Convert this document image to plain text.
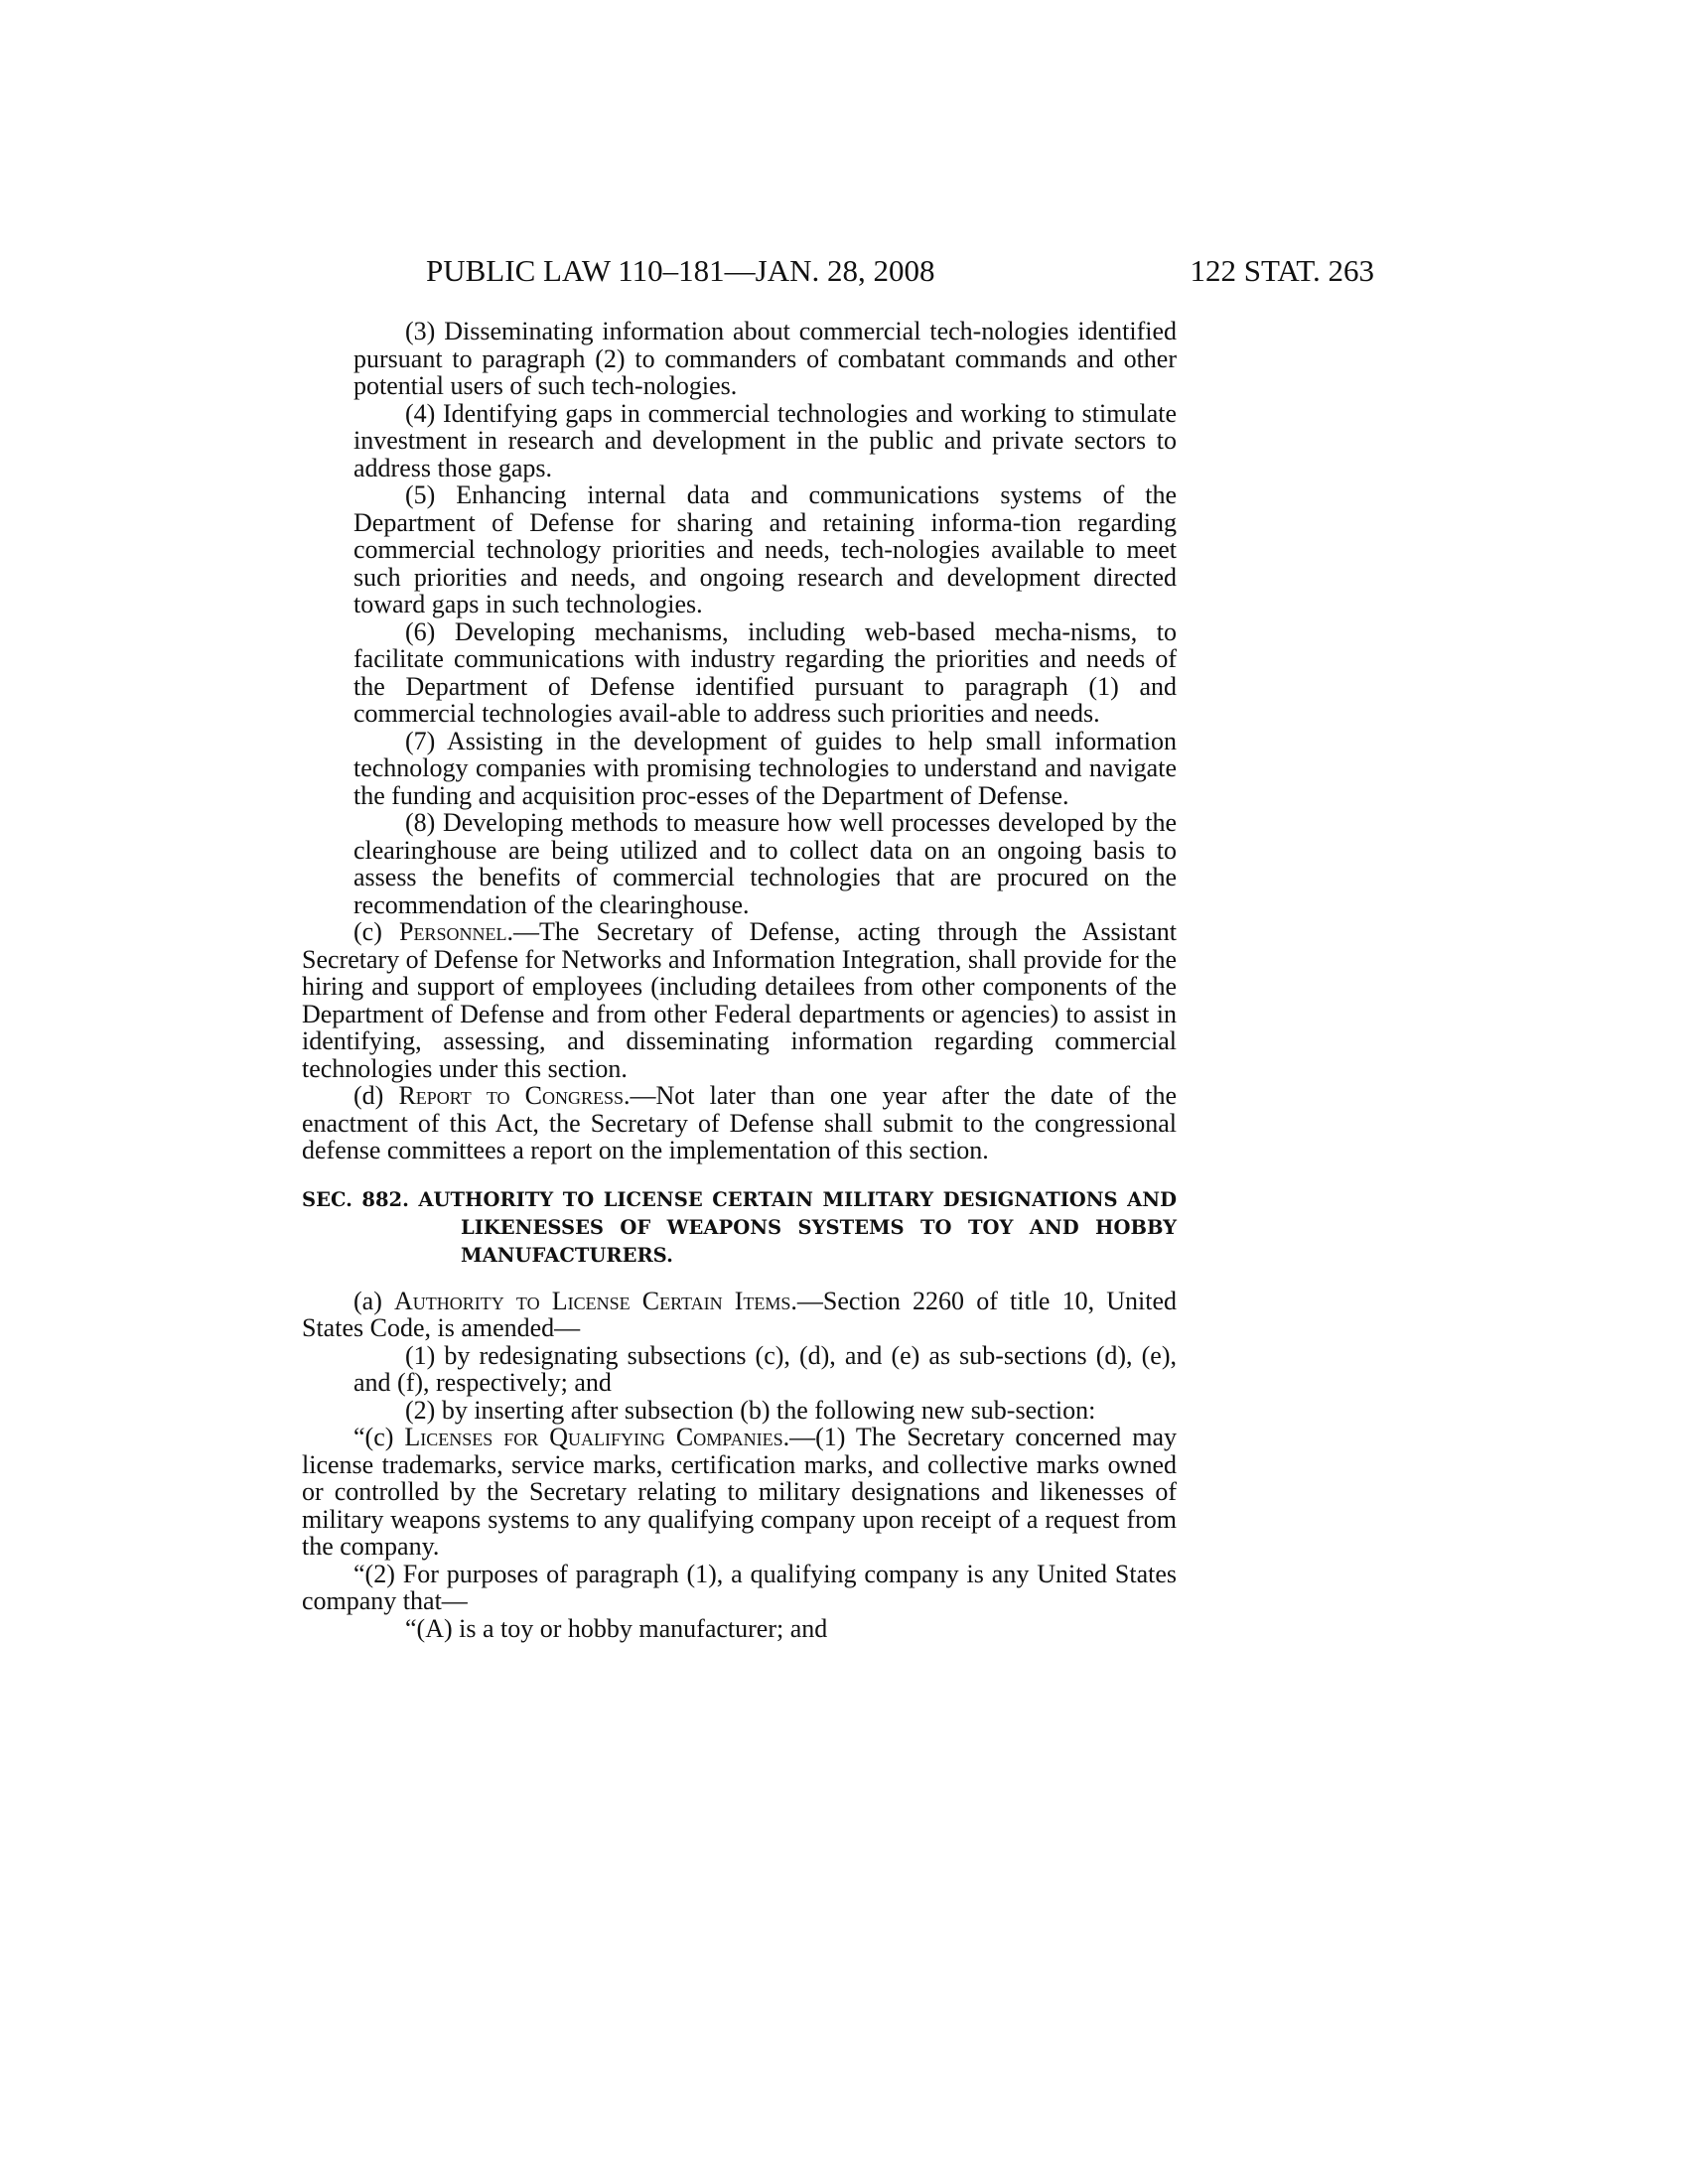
PUBLIC LAW 110–181—JAN. 28, 2008	122 STAT. 263

(3) Disseminating information about commercial tech-nologies identified pursuant to paragraph (2) to commanders of combatant commands and other potential users of such tech-nologies.

(4) Identifying gaps in commercial technologies and working to stimulate investment in research and development in the public and private sectors to address those gaps.

(5) Enhancing internal data and communications systems of the Department of Defense for sharing and retaining informa-tion regarding commercial technology priorities and needs, tech-nologies available to meet such priorities and needs, and ongoing research and development directed toward gaps in such technologies.

(6) Developing mechanisms, including web-based mecha-nisms, to facilitate communications with industry regarding the priorities and needs of the Department of Defense identified pursuant to paragraph (1) and commercial technologies avail-able to address such priorities and needs.

(7) Assisting in the development of guides to help small information technology companies with promising technologies to understand and navigate the funding and acquisition proc-esses of the Department of Defense.

(8) Developing methods to measure how well processes developed by the clearinghouse are being utilized and to collect data on an ongoing basis to assess the benefits of commercial technologies that are procured on the recommendation of the clearinghouse.

(c) Personnel.—The Secretary of Defense, acting through the Assistant Secretary of Defense for Networks and Information Integration, shall provide for the hiring and support of employees (including detailees from other components of the Department of Defense and from other Federal departments or agencies) to assist in identifying, assessing, and disseminating information regarding commercial technologies under this section.

(d) Report to Congress.—Not later than one year after the date of the enactment of this Act, the Secretary of Defense shall submit to the congressional defense committees a report on the implementation of this section.

SEC. 882. AUTHORITY TO LICENSE CERTAIN MILITARY DESIGNATIONS AND LIKENESSES OF WEAPONS SYSTEMS TO TOY AND HOBBY MANUFACTURERS.

(a) Authority to License Certain Items.—Section 2260 of title 10, United States Code, is amended—

(1) by redesignating subsections (c), (d), and (e) as sub-sections (d), (e), and (f), respectively; and

(2) by inserting after subsection (b) the following new sub-section:

“(c) Licenses for Qualifying Companies.—(1) The Secretary concerned may license trademarks, service marks, certification marks, and collective marks owned or controlled by the Secretary relating to military designations and likenesses of military weapons systems to any qualifying company upon receipt of a request from the company.

“(2) For purposes of paragraph (1), a qualifying company is any United States company that—

“(A) is a toy or hobby manufacturer; and
